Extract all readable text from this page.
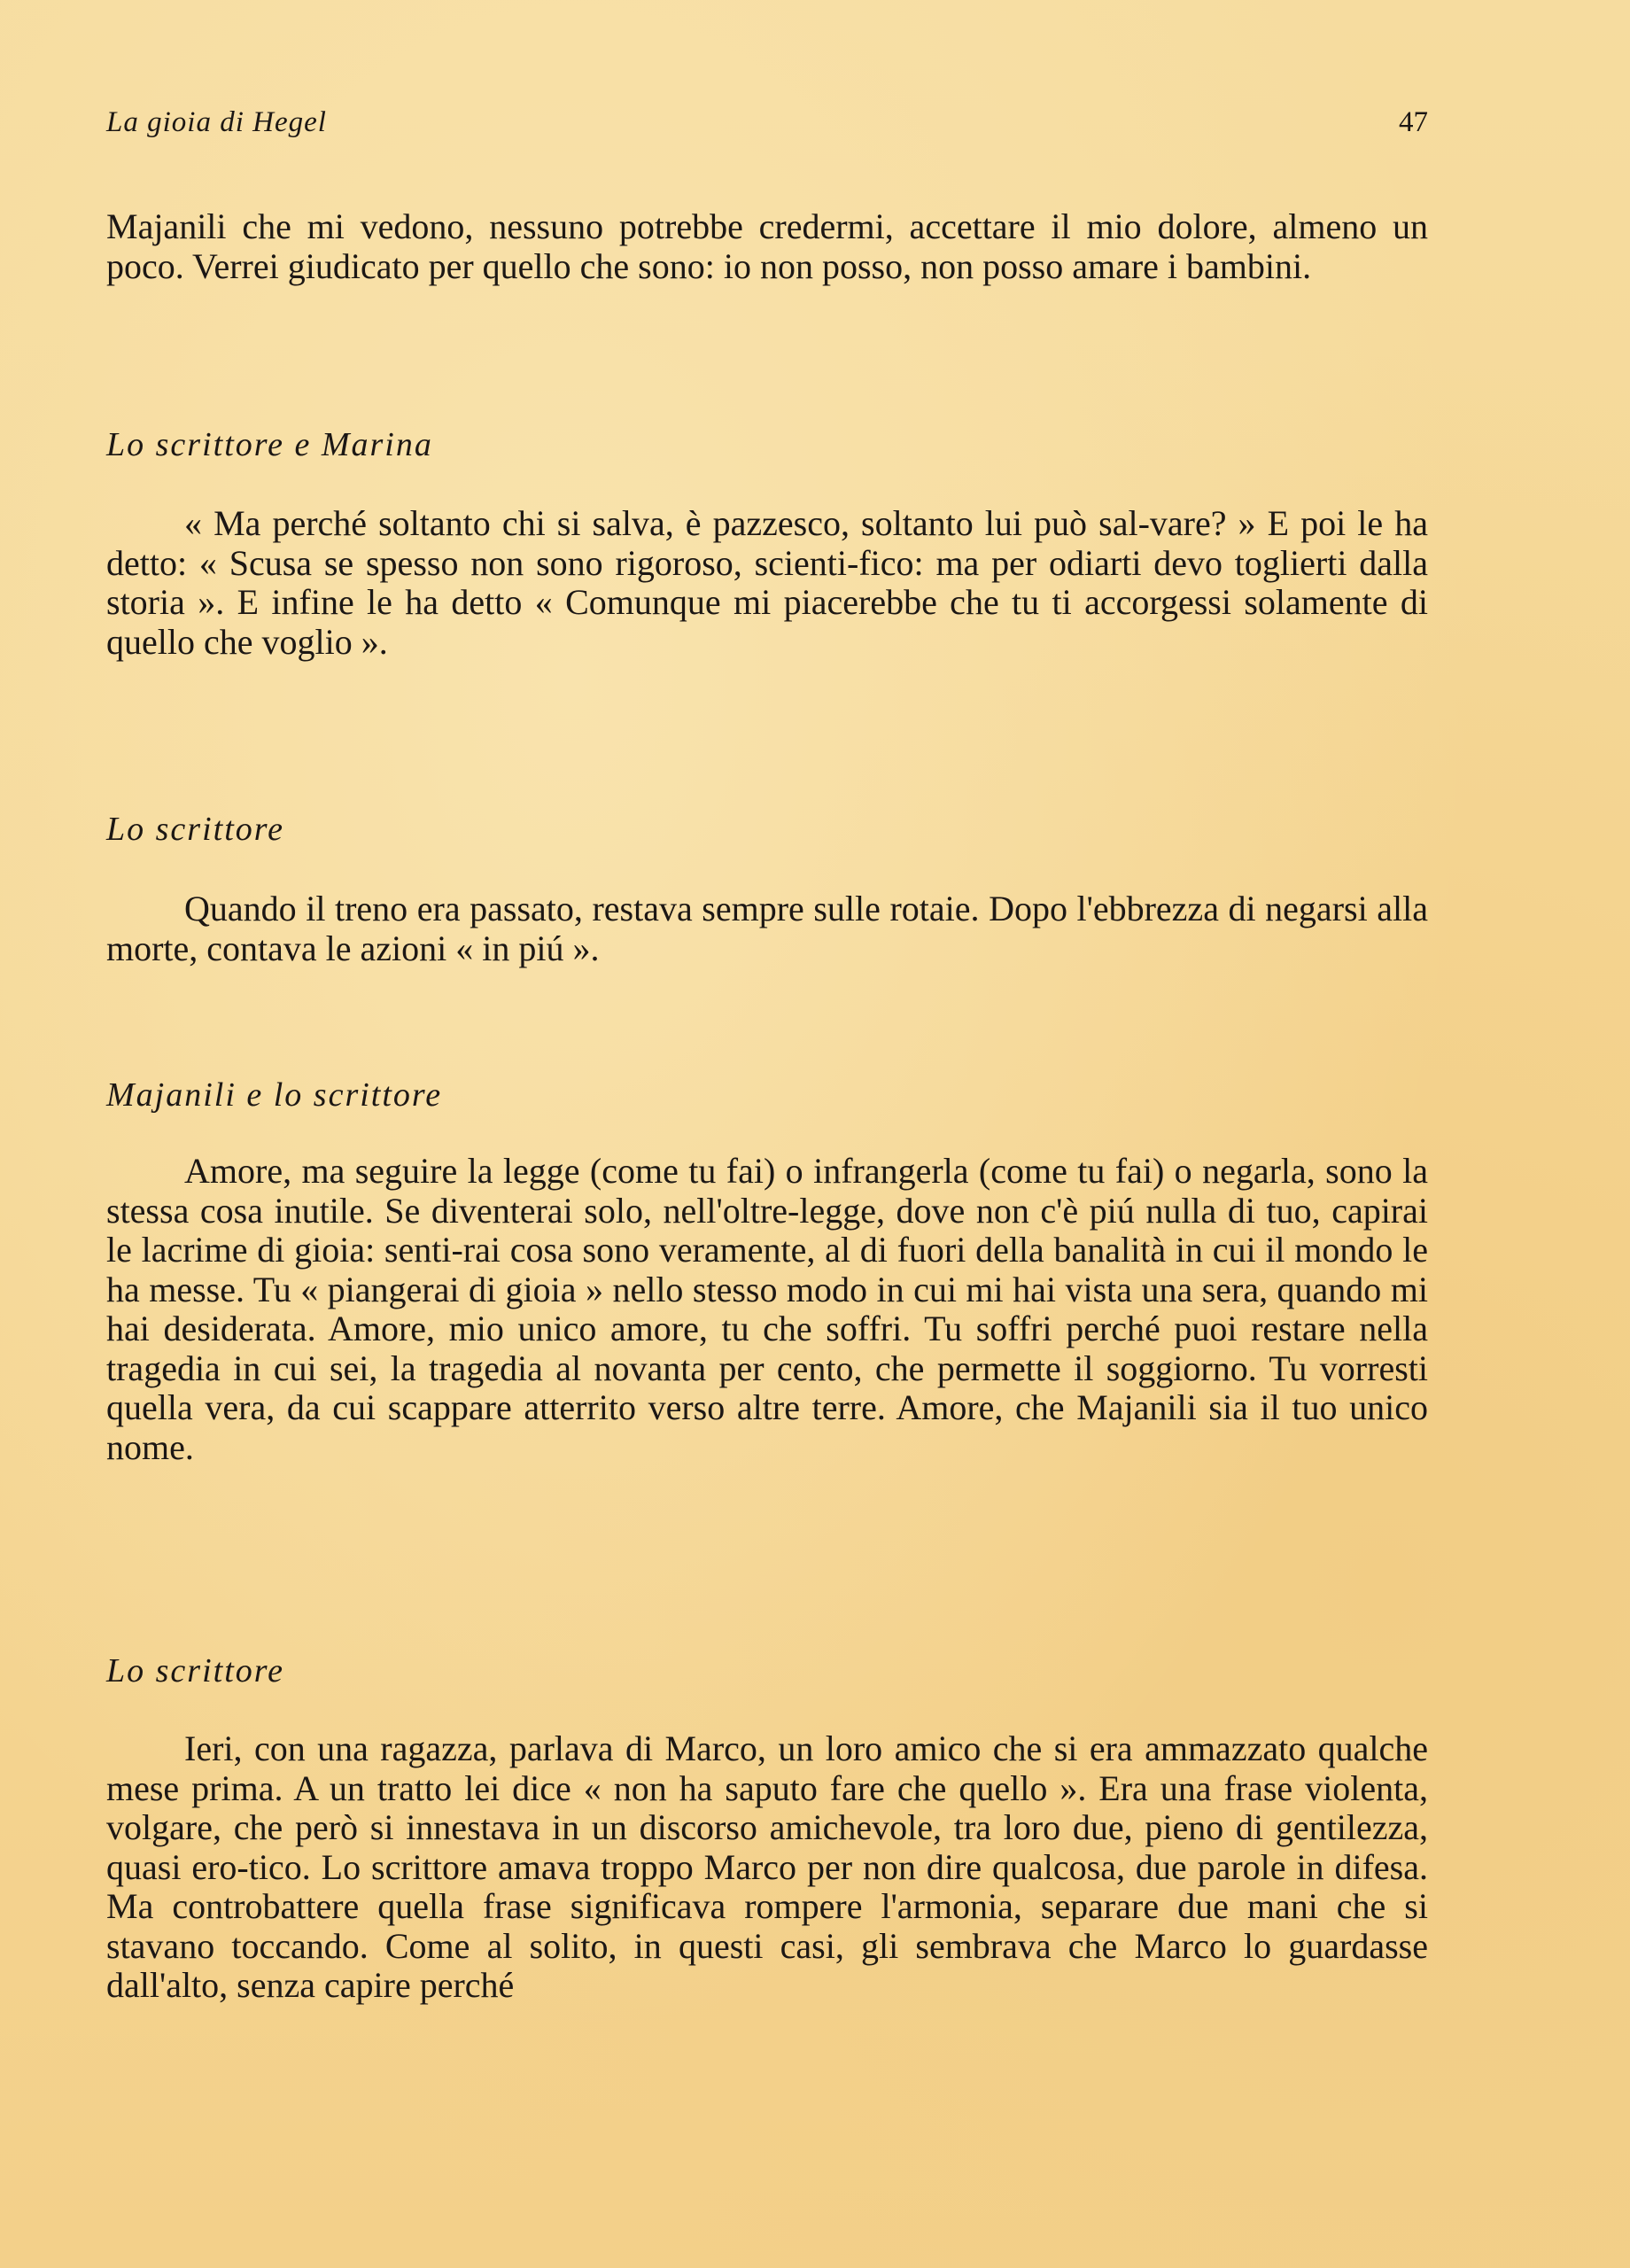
La gioia di Hegel	47
Majanili che mi vedono, nessuno potrebbe credermi, accettare il mio dolore, almeno un poco. Verrei giudicato per quello che sono: io non posso, non posso amare i bambini.
Lo scrittore e Marina
« Ma perché soltanto chi si salva, è pazzesco, soltanto lui può sal-vare? » E poi le ha detto: « Scusa se spesso non sono rigoroso, scienti-fico: ma per odiarti devo toglierti dalla storia ». E infine le ha detto « Comunque mi piacerebbe che tu ti accorgessi solamente di quello che voglio ».
Lo scrittore
Quando il treno era passato, restava sempre sulle rotaie. Dopo l'ebbrezza di negarsi alla morte, contava le azioni « in piú ».
Majanili e lo scrittore
Amore, ma seguire la legge (come tu fai) o infrangerla (come tu fai) o negarla, sono la stessa cosa inutile. Se diventerai solo, nell'oltre-legge, dove non c'è piú nulla di tuo, capirai le lacrime di gioia: senti-rai cosa sono veramente, al di fuori della banalità in cui il mondo le ha messe. Tu « piangerai di gioia » nello stesso modo in cui mi hai vista una sera, quando mi hai desiderata. Amore, mio unico amore, tu che soffri. Tu soffri perché puoi restare nella tragedia in cui sei, la tragedia al novanta per cento, che permette il soggiorno. Tu vorresti quella vera, da cui scappare atterrito verso altre terre. Amore, che Majanili sia il tuo unico nome.
Lo scrittore
Ieri, con una ragazza, parlava di Marco, un loro amico che si era ammazzato qualche mese prima. A un tratto lei dice « non ha saputo fare che quello ». Era una frase violenta, volgare, che però si innestava in un discorso amichevole, tra loro due, pieno di gentilezza, quasi ero-tico. Lo scrittore amava troppo Marco per non dire qualcosa, due parole in difesa. Ma controbattere quella frase significava rompere l'armonia, separare due mani che si stavano toccando. Come al solito, in questi casi, gli sembrava che Marco lo guardasse dall'alto, senza capire perché
